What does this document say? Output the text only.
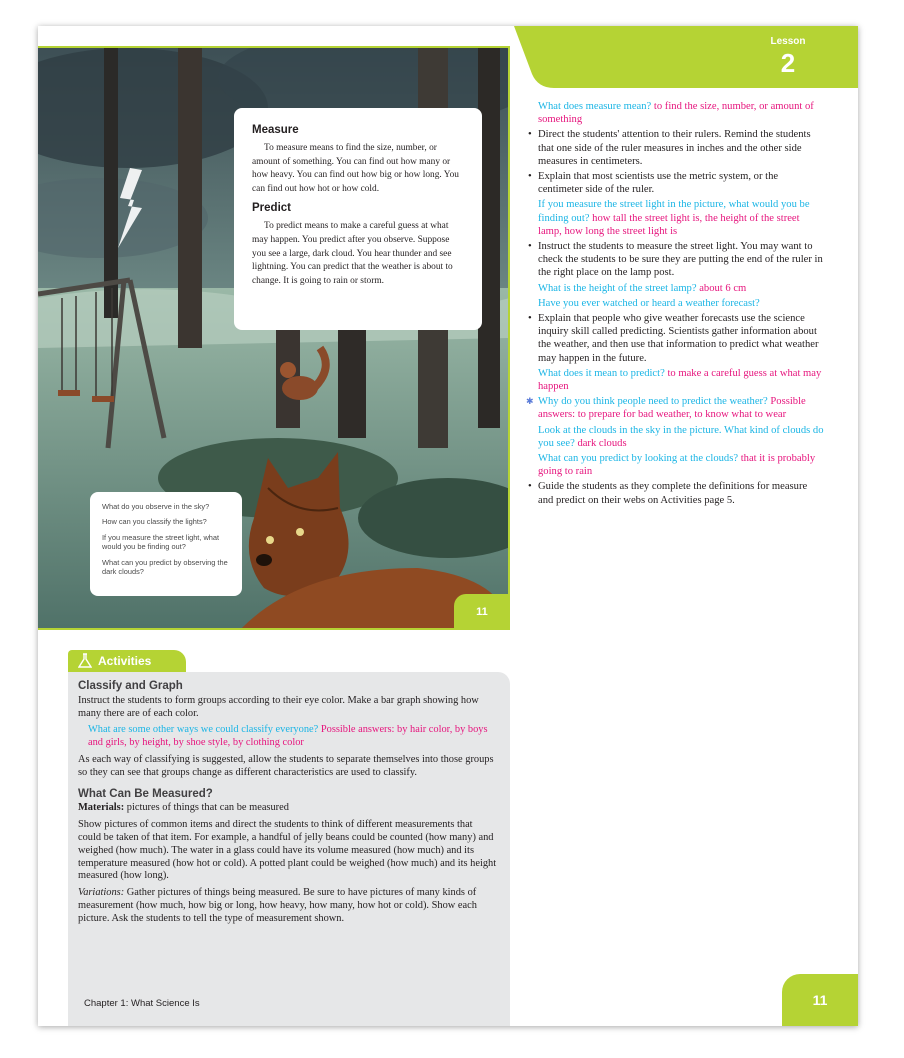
Lesson
2
Measure

To measure means to find the size, number, or amount of something. You can find out how many or how heavy. You can find out how big or how long. You can find out how hot or how cold.

Predict

To predict means to make a careful guess at what may happen. You predict after you observe. Suppose you see a large, dark cloud. You hear thunder and see lightning. You can predict that the weather is about to change. It is going to rain or storm.

What do you observe in the sky?
How can you classify the lights?
If you measure the street light, what would you be finding out?
What can you predict by observing the dark clouds?
11
What does measure mean? to find the size, number, or amount of something
• Direct the students' attention to their rulers. Remind the students that one side of the ruler measures in inches and the other side measures in centimeters.
• Explain that most scientists use the metric system, or the centimeter side of the ruler.
If you measure the street light in the picture, what would you be finding out? how tall the street light is, the height of the street lamp, how long the street light is
• Instruct the students to measure the street light. You may want to check the students to be sure they are putting the end of the ruler in the right place on the lamp post.
What is the height of the street lamp? about 6 cm
Have you ever watched or heard a weather forecast?
• Explain that people who give weather forecasts use the science inquiry skill called predicting. Scientists gather information about the weather, and then use that information to predict what weather may happen in the future.
What does it mean to predict? to make a careful guess at what may happen
✱ Why do you think people need to predict the weather? Possible answers: to prepare for bad weather, to know what to wear
Look at the clouds in the sky in the picture. What kind of clouds do you see? dark clouds
What can you predict by looking at the clouds? that it is probably going to rain
• Guide the students as they complete the definitions for measure and predict on their webs on Activities page 5.
Activities
Classify and Graph

Instruct the students to form groups according to their eye color. Make a bar graph showing how many there are of each color.

What are some other ways we could classify everyone? Possible answers: by hair color, by boys and girls, by height, by shoe style, by clothing color

As each way of classifying is suggested, allow the students to separate themselves into those groups so they can see that groups change as different characteristics are used to classify.

What Can Be Measured?

Materials: pictures of things that can be measured

Show pictures of common items and direct the students to think of different measurements that could be taken of that item. For example, a handful of jelly beans could be counted (how many) and weighed (how much). The water in a glass could have its volume measured (how much) and its temperature measured (how hot or cold). A potted plant could be weighed (how much) and its height measured (how long).

Variations: Gather pictures of things being measured. Be sure to have pictures of many kinds of measurement (how much, how big or long, how heavy, how many, how hot or cold). Show each picture. Ask the students to tell the type of measurement shown.

Chapter 1: What Science Is	11
